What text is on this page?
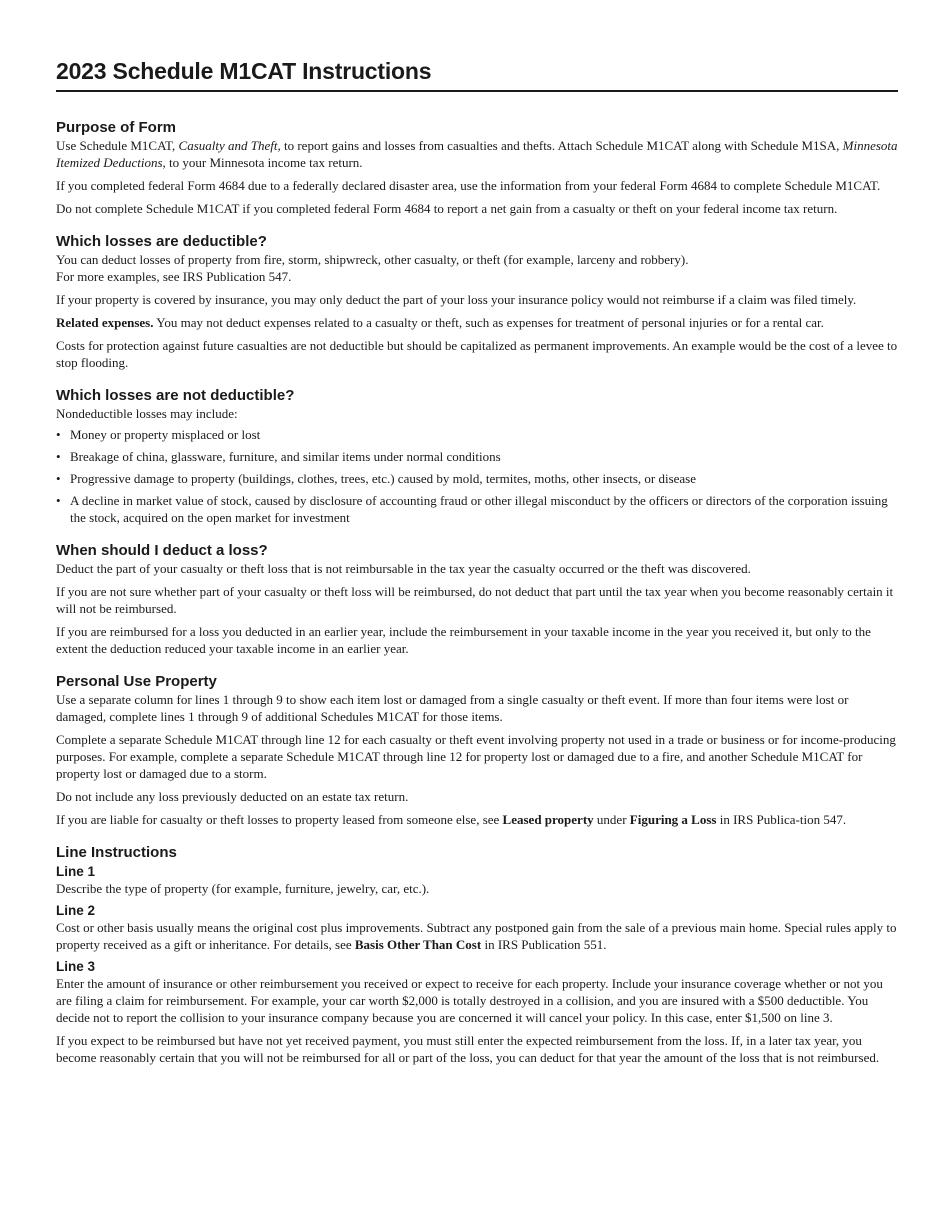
2023 Schedule M1CAT Instructions
Purpose of Form

Use Schedule M1CAT, Casualty and Theft, to report gains and losses from casualties and thefts. Attach Schedule M1CAT along with Schedule M1SA, Minnesota Itemized Deductions, to your Minnesota income tax return.

If you completed federal Form 4684 due to a federally declared disaster area, use the information from your federal Form 4684 to complete Schedule M1CAT.

Do not complete Schedule M1CAT if you completed federal Form 4684 to report a net gain from a casualty or theft on your federal income tax return.

Which losses are deductible?

You can deduct losses of property from fire, storm, shipwreck, other casualty, or theft (for example, larceny and robbery).
For more examples, see IRS Publication 547.

If your property is covered by insurance, you may only deduct the part of your loss your insurance policy would not reimburse if a claim was filed timely.

Related expenses. You may not deduct expenses related to a casualty or theft, such as expenses for treatment of personal injuries or for a rental car.

Costs for protection against future casualties are not deductible but should be capitalized as permanent improvements. An example would be the cost of a levee to stop flooding.

Which losses are not deductible?

Nondeductible losses may include:

• Money or property misplaced or lost
• Breakage of china, glassware, furniture, and similar items under normal conditions
• Progressive damage to property (buildings, clothes, trees, etc.) caused by mold, termites, moths, other insects, or disease
• A decline in market value of stock, caused by disclosure of accounting fraud or other illegal misconduct by the officers or directors of the corporation issuing the stock, acquired on the open market for investment
When should I deduct a loss?

Deduct the part of your casualty or theft loss that is not reimbursable in the tax year the casualty occurred or the theft was discovered.

If you are not sure whether part of your casualty or theft loss will be reimbursed, do not deduct that part until the tax year when you become reasonably certain it will not be reimbursed.

If you are reimbursed for a loss you deducted in an earlier year, include the reimbursement in your taxable income in the year you received it, but only to the extent the deduction reduced your taxable income in an earlier year.

Personal Use Property

Use a separate column for lines 1 through 9 to show each item lost or damaged from a single casualty or theft event. If more than four items were lost or damaged, complete lines 1 through 9 of additional Schedules M1CAT for those items.

Complete a separate Schedule M1CAT through line 12 for each casualty or theft event involving property not used in a trade or business or for income-producing purposes. For example, complete a separate Schedule M1CAT through line 12 for property lost or damaged due to a fire, and another Schedule M1CAT for property lost or damaged due to a storm.

Do not include any loss previously deducted on an estate tax return.

If you are liable for casualty or theft losses to property leased from someone else, see Leased property under Figuring a Loss in IRS Publica-tion 547.

Line Instructions
Line 1

Describe the type of property (for example, furniture, jewelry, car, etc.).

Line 2

Cost or other basis usually means the original cost plus improvements. Subtract any postponed gain from the sale of a previous main home. Special rules apply to property received as a gift or inheritance. For details, see Basis Other Than Cost in IRS Publication 551.

Line 3

Enter the amount of insurance or other reimbursement you received or expect to receive for each property. Include your insurance coverage whether or not you are filing a claim for reimbursement. For example, your car worth $2,000 is totally destroyed in a collision, and you are insured with a $500 deductible. You decide not to report the collision to your insurance company because you are concerned it will cancel your policy. In this case, enter $1,500 on line 3.

If you expect to be reimbursed but have not yet received payment, you must still enter the expected reimbursement from the loss. If, in a later tax year, you become reasonably certain that you will not be reimbursed for all or part of the loss, you can deduct for that year the amount of the loss that is not reimbursed.
